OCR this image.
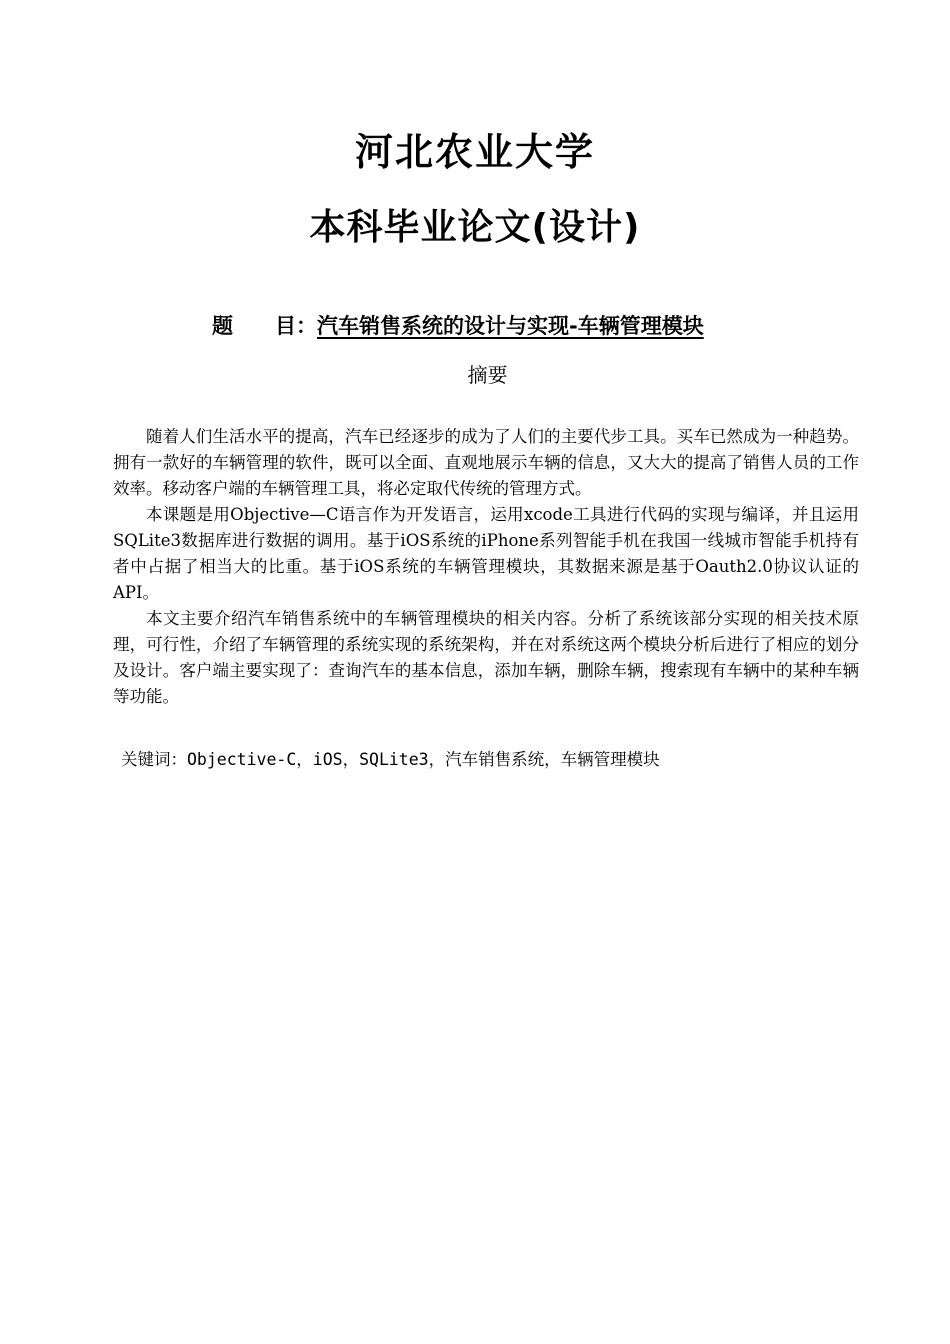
河北农业大学
本科毕业论文(设计)
题　　目：汽车销售系统的设计与实现-车辆管理模块
摘要

随着人们生活水平的提高，汽车已经逐步的成为了人们的主要代步工具。买车已然成为一种趋势。拥有一款好的车辆管理的软件，既可以全面、直观地展示车辆的信息，又大大的提高了销售人员的工作效率。移动客户端的车辆管理工具，将必定取代传统的管理方式。

本课题是用Objective—C语言作为开发语言，运用xcode工具进行代码的实现与编译，并且运用SQLite3数据库进行数据的调用。基于iOS系统的iPhone系列智能手机在我国一线城市智能手机持有者中占据了相当大的比重。基于iOS系统的车辆管理模块，其数据来源是基于Oauth2.0协议认证的API。

本文主要介绍汽车销售系统中的车辆管理模块的相关内容。分析了系统该部分实现的相关技术原理，可行性，介绍了车辆管理的系统实现的系统架构，并在对系统这两个模块分析后进行了相应的划分及设计。客户端主要实现了：查询汽车的基本信息，添加车辆，删除车辆，搜索现有车辆中的某种车辆等功能。

关键词：Objective-C，iOS，SQLite3，汽车销售系统，车辆管理模块
